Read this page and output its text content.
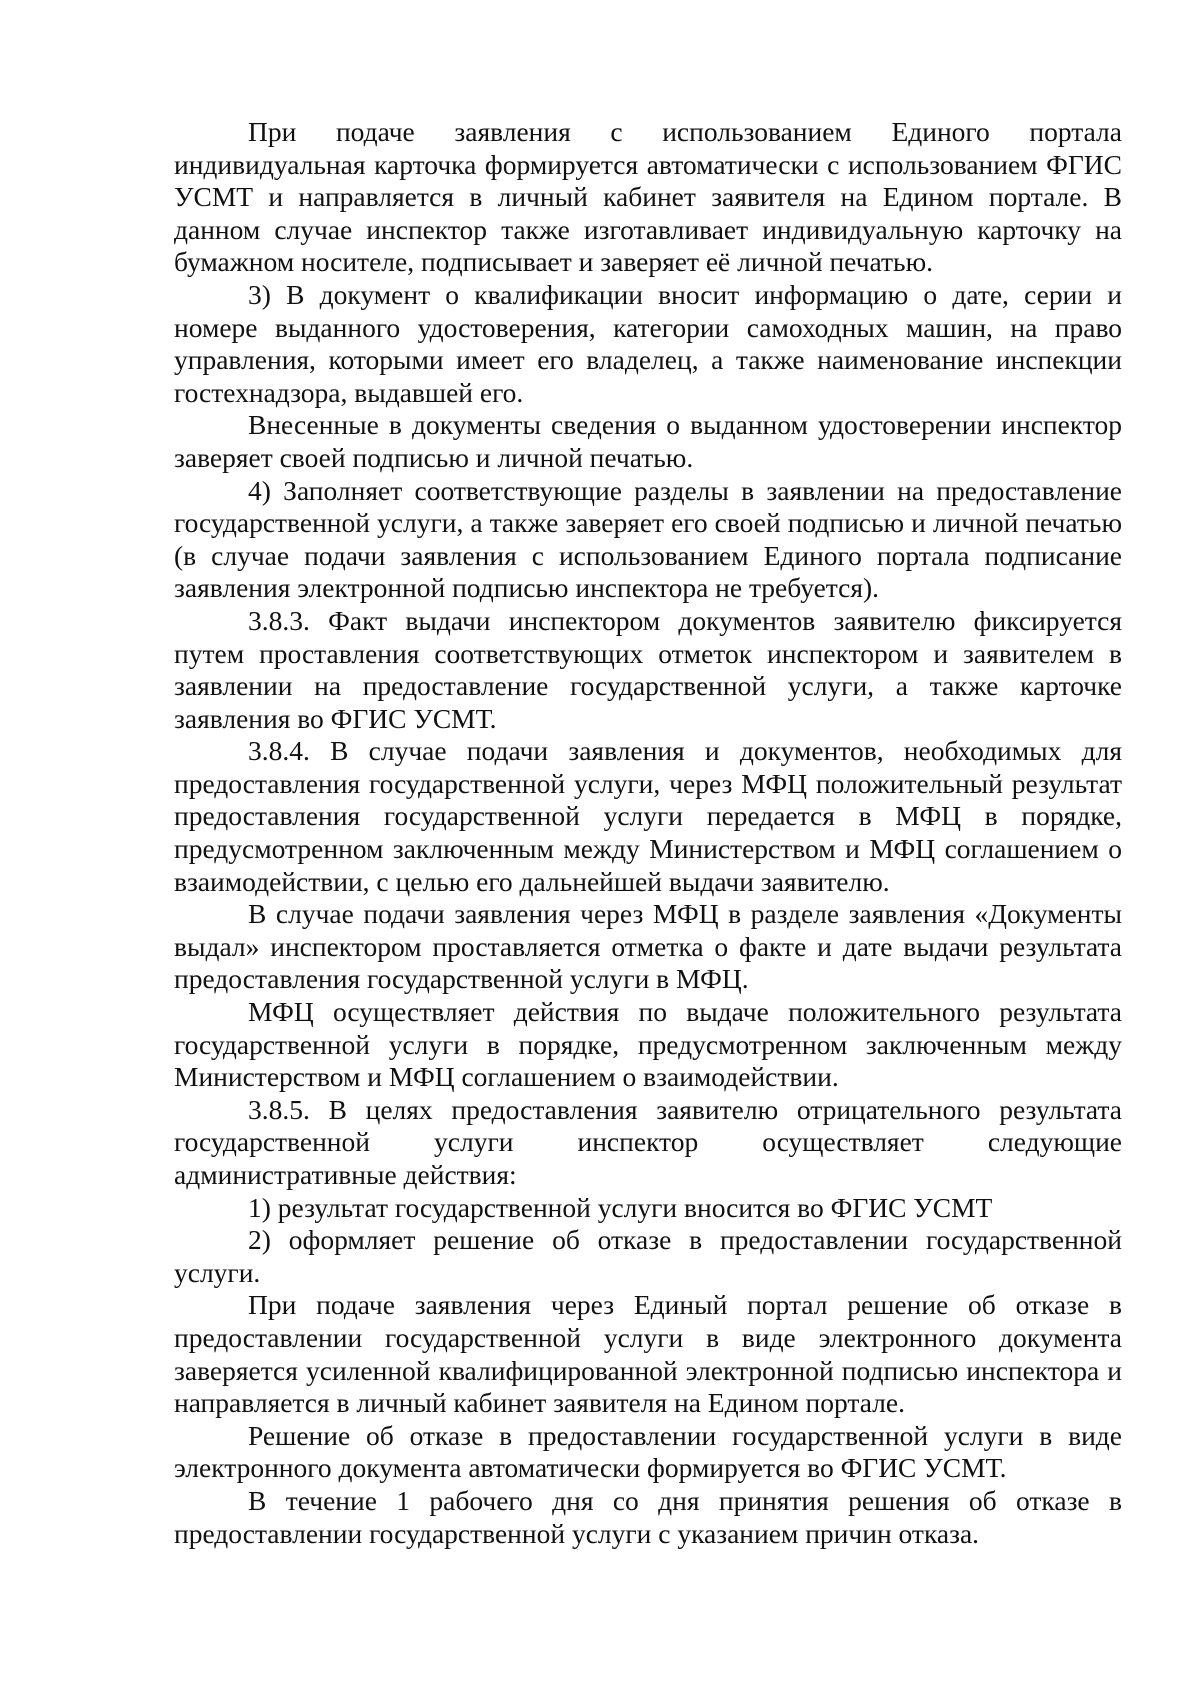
При подаче заявления с использованием Единого портала индивидуальная карточка формируется автоматически с использованием ФГИС УСМТ и направляется в личный кабинет заявителя на Едином портале. В данном случае инспектор также изготавливает индивидуальную карточку на бумажном носителе, подписывает и заверяет её личной печатью.

3) В документ о квалификации вносит информацию о дате, серии и номере выданного удостоверения, категории самоходных машин, на право управления, которыми имеет его владелец, а также наименование инспекции гостехнадзора, выдавшей его.

Внесенные в документы сведения о выданном удостоверении инспектор заверяет своей подписью и личной печатью.

4) Заполняет соответствующие разделы в заявлении на предоставление государственной услуги, а также заверяет его своей подписью и личной печатью (в случае подачи заявления с использованием Единого портала подписание заявления электронной подписью инспектора не требуется).

3.8.3. Факт выдачи инспектором документов заявителю фиксируется путем проставления соответствующих отметок инспектором и заявителем в заявлении на предоставление государственной услуги, а также карточке заявления во ФГИС УСМТ.

3.8.4. В случае подачи заявления и документов, необходимых для предоставления государственной услуги, через МФЦ положительный результат предоставления государственной услуги передается в МФЦ в порядке, предусмотренном заключенным между Министерством и МФЦ соглашением о взаимодействии, с целью его дальнейшей выдачи заявителю.

В случае подачи заявления через МФЦ в разделе заявления «Документы выдал» инспектором проставляется отметка о факте и дате выдачи результата предоставления государственной услуги в МФЦ.

МФЦ осуществляет действия по выдаче положительного результата государственной услуги в порядке, предусмотренном заключенным между Министерством и МФЦ соглашением о взаимодействии.

3.8.5. В целях предоставления заявителю отрицательного результата государственной услуги инспектор осуществляет следующие административные действия:

1) результат государственной услуги вносится во ФГИС УСМТ

2) оформляет решение об отказе в предоставлении государственной услуги.

При подаче заявления через Единый портал решение об отказе в предоставлении государственной услуги в виде электронного документа заверяется усиленной квалифицированной электронной подписью инспектора и направляется в личный кабинет заявителя на Едином портале.

Решение об отказе в предоставлении государственной услуги в виде электронного документа автоматически формируется во ФГИС УСМТ.

В течение 1 рабочего дня со дня принятия решения об отказе в предоставлении государственной услуги с указанием причин отказа.
